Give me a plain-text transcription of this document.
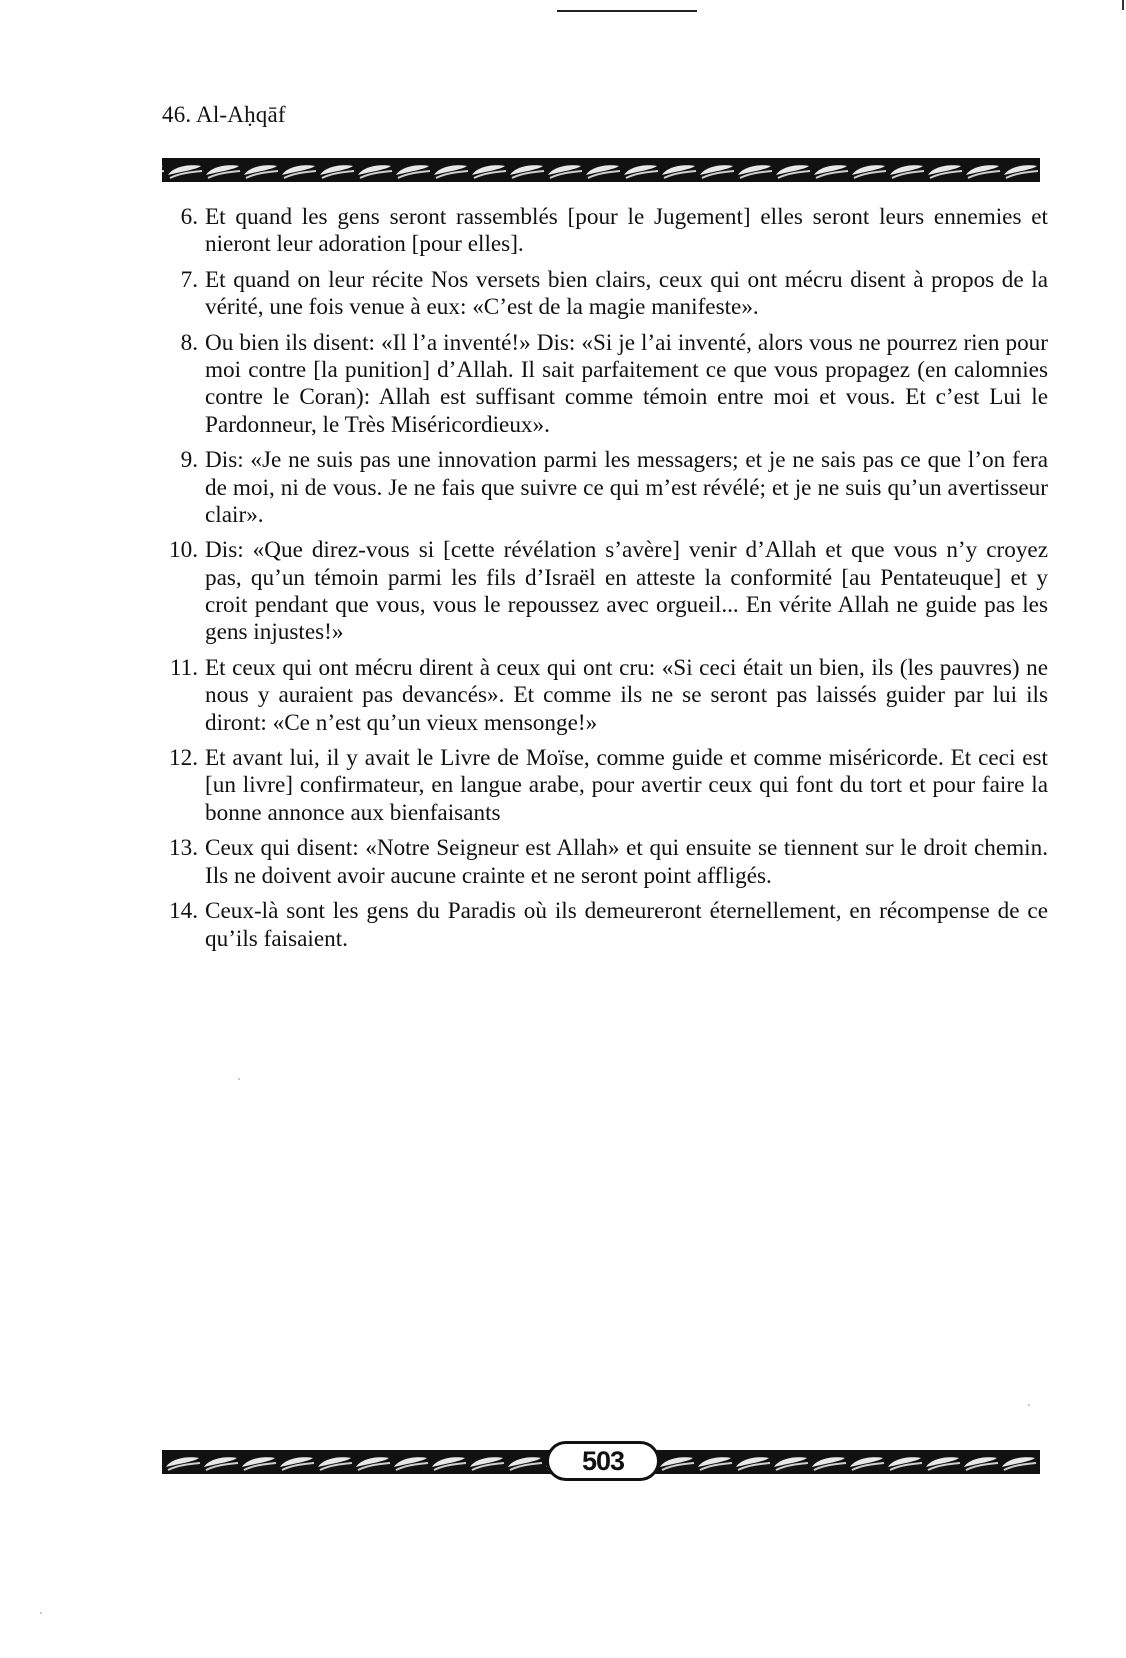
46. Al-Aḥqāf
6. Et quand les gens seront rassemblés [pour le Jugement] elles seront leurs ennemies et nieront leur adoration [pour elles].
7. Et quand on leur récite Nos versets bien clairs, ceux qui ont mécru disent à propos de la vérité, une fois venue à eux: «C’est de la magie manifeste».
8. Ou bien ils disent: «Il l’a inventé!» Dis: «Si je l’ai inventé, alors vous ne pourrez rien pour moi contre [la punition] d’Allah. Il sait parfaitement ce que vous propagez (en calomnies contre le Coran): Allah est suffisant comme témoin entre moi et vous. Et c’est Lui le Pardonneur, le Très Miséricordieux».
9. Dis: «Je ne suis pas une innovation parmi les messagers; et je ne sais pas ce que l’on fera de moi, ni de vous. Je ne fais que suivre ce qui m’est révélé; et je ne suis qu’un avertisseur clair».
10. Dis: «Que direz-vous si [cette révélation s’avère] venir d’Allah et que vous n’y croyez pas, qu’un témoin parmi les fils d’Israël en atteste la conformité [au Pentateuque] et y croit pendant que vous, vous le repoussez avec orgueil... En vérite Allah ne guide pas les gens injustes!»
11. Et ceux qui ont mécru dirent à ceux qui ont cru: «Si ceci était un bien, ils (les pauvres) ne nous y auraient pas devancés». Et comme ils ne se seront pas laissés guider par lui ils diront: «Ce n’est qu’un vieux mensonge!»
12. Et avant lui, il y avait le Livre de Moïse, comme guide et comme miséricorde. Et ceci est [un livre] confirmateur, en langue arabe, pour avertir ceux qui font du tort et pour faire la bonne annonce aux bienfaisants
13. Ceux qui disent: «Notre Seigneur est Allah» et qui ensuite se tiennent sur le droit chemin. Ils ne doivent avoir aucune crainte et ne seront point affligés.
14. Ceux-là sont les gens du Paradis où ils demeureront éternellement, en récompense de ce qu’ils faisaient.
503
